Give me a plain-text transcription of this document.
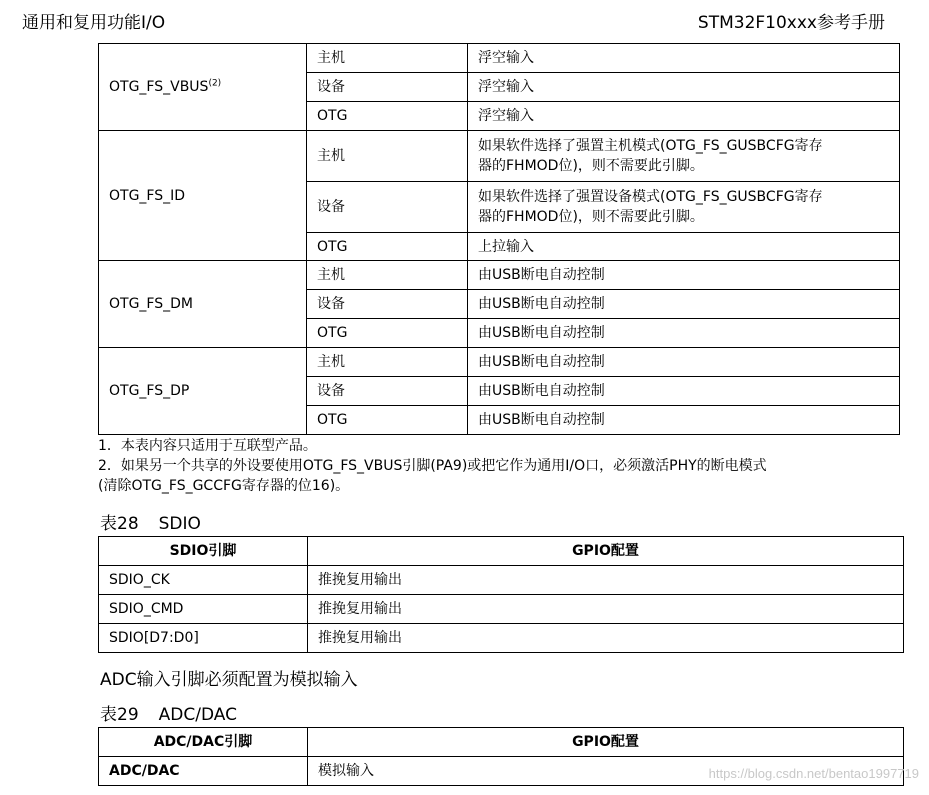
通用和复用功能I/O	STM32F10xxx参考手册
OTG_FS_VBUS$^{(2)}$	主机	浮空输入
	设备	浮空输入
	OTG	浮空输入
OTG_FS_ID	主机	如果软件选择了强置主机模式(OTG_FS_GUSBCFG寄存
器的FHMOD位)，则不需要此引脚。

	设备	如果软件选择了强置设备模式(OTG_FS_GUSBCFG寄存
器的FHMOD位)，则不需要此引脚。

	OTG	上拉输入
OTG_FS_DM	主机	由USB断电自动控制
	设备	由USB断电自动控制
	OTG	由USB断电自动控制
OTG_FS_DP	主机	由USB断电自动控制
	设备	由USB断电自动控制
	OTG	由USB断电自动控制
1．本表内容只适用于互联型产品。
2．如果另一个共享的外设要使用OTG_FS_VBUS引脚(PA9)或把它作为通用I/O口，必须激活PHY的断电模式
(清除OTG_FS_GCCFG寄存器的位16)。
表28 SDIO
SDIO引脚	GPIO配置
SDIO_CK	推挽复用输出
SDIO_CMD	推挽复用输出
SDIO[D7:D0]	推挽复用输出
ADC输入引脚必须配置为模拟输入
表29 ADC/DAC
ADC/DAC引脚	GPIO配置
ADC/DAC	模拟输入	https://blog.csdn.net/bentao1997719
